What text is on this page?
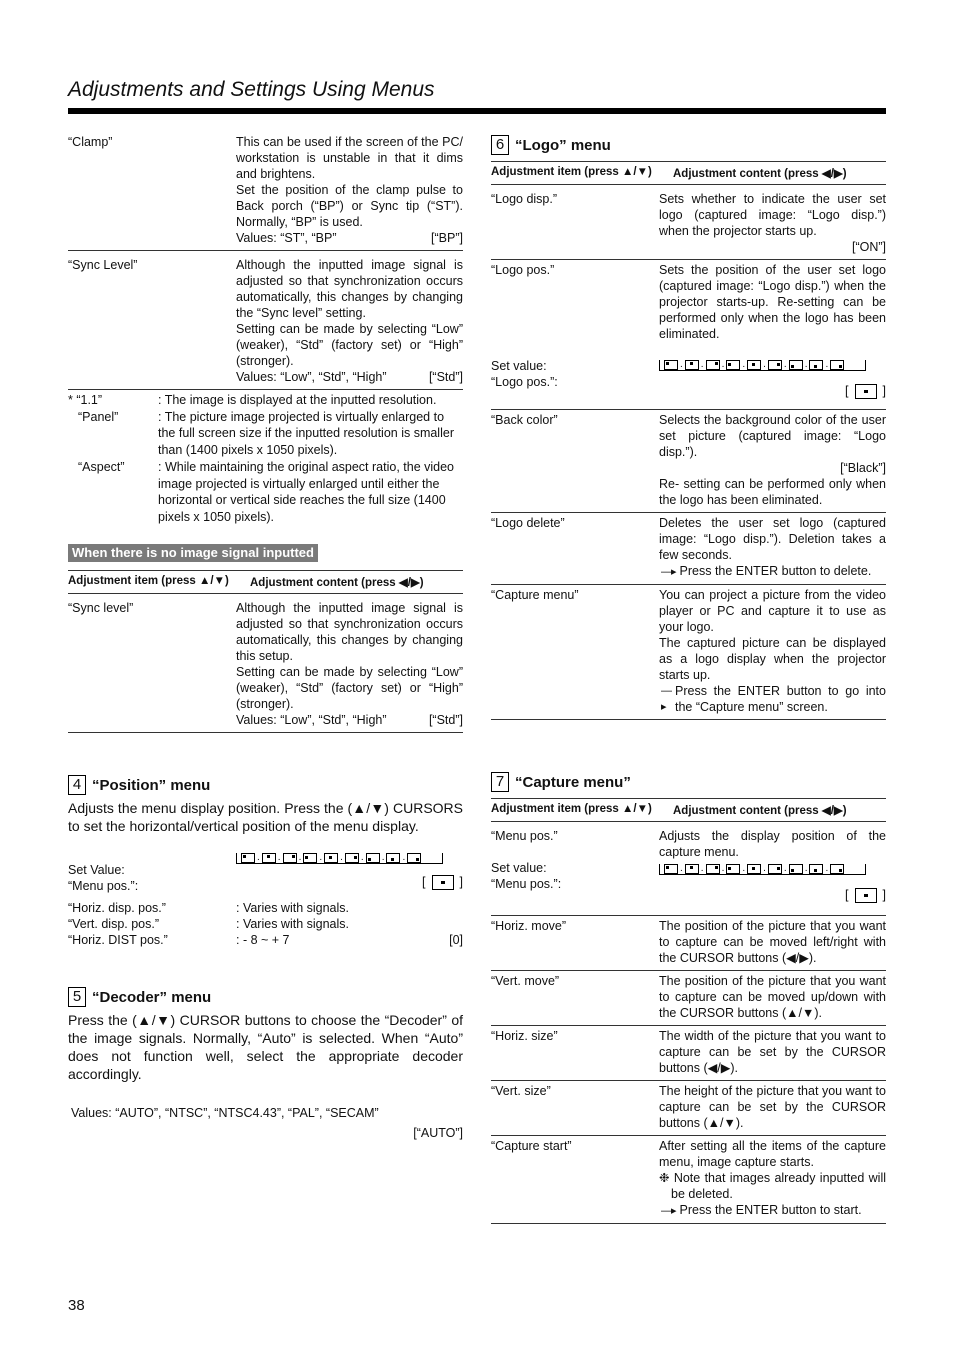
Adjustments and Settings Using Menus
“Clamp”	This can be used if the screen of the PC/ workstation is unstable in that it dims and brightens.

Set the position of the clamp pulse to Back porch (“BP”) or Sync tip (“ST”). Normally, “BP” is used.

Values: “ST”, “BP”	[“BP”]
“Sync Level”	Although the inputted image signal is adjusted so that synchronization occurs automatically, this changes by changing the “Sync level” setting.

Setting can be made by selecting “Low” (weaker), “Std” (factory set) or “High” (stronger).

Values: “Low”, “Std”, “High”	[“Std”]
* “1.1”	: The image is displayed at the inputted resolution.
“Panel”	: The picture image projected is virtually enlarged to the full screen size if the inputted resolution is smaller than (1400 pixels x 1050 pixels).
“Aspect”	: While maintaining the original aspect ratio, the video image projected is virtually enlarged until either the horizontal or vertical side reaches the full size (1400 pixels x 1050 pixels).
When there is no image signal inputted
Adjustment item (press ▲/▼)	Adjustment content (press ◀/▶)
“Sync level”	Although the inputted image signal is adjusted so that synchronization occurs automatically, this changes by changing this setup.

Setting can be made by selecting “Low” (weaker), “Std” (factory set) or “High” (stronger).

Values: “Low”, “Std”, “High”	[“Std”]
4 “Position” menu
Adjusts the menu display position. Press the (▲/▼) CURSORS to set the horizontal/vertical position of the menu display.
Set Value:
“Menu pos.”:
. . . . . . . .
[	]
“Horiz. disp. pos.”	: Varies with signals.
“Vert. disp. pos.”	: Varies with signals.
“Horiz. DIST pos.”	: - 8 ~ + 7	[0]
5 “Decoder” menu
Press the (▲/▼) CURSOR buttons to choose the “Decoder” of the image signals. Normally, “Auto” is selected. When “Auto” does not function well, select the appropriate decoder accordingly.
Values: “AUTO”, “NTSC”, “NTSC4.43”, “PAL”, “SECAM”
[“AUTO”]
6 “Logo” menu
Adjustment item (press ▲/▼)	Adjustment content (press ◀/▶)
“Logo disp.”	Sets whether to indicate the user set logo (captured image: “Logo disp.”) when the projector starts up.

[“ON”]

“Logo pos.”	Sets the position of the user set logo (captured image: “Logo disp.”) when the projector starts-up. Re-setting can be performed only when the logo has been eliminated.
Set value:
“Logo pos.”:
. . . . . . . .
[	]
“Back color”	Selects the background color of the user set picture (captured image: “Logo disp.”).

[“Black”]

Re- setting can be performed only when the logo has been eliminated.

“Logo delete”	Deletes the user set logo (captured image: “Logo disp.”). Deletion takes a few seconds.

—▸ Press the ENTER button to delete.

“Capture menu”	You can project a picture from the video player or PC and capture it to use as your logo.

The captured picture can be displayed as a logo display when the projector starts up.

—▸
Press the ENTER button to go into the “Capture menu” screen.

7 “Capture menu”
Adjustment item (press ▲/▼)	Adjustment content (press ◀/▶)
“Menu pos.”	Adjusts the display position of the capture menu.
Set value:
“Menu pos.”:
. . . . . . . .
[	]
“Horiz. move”	The position of the picture that you want to capture can be moved left/right with the CURSOR buttons (◀/▶).
“Vert. move”	The position of the picture that you want to capture can be moved up/down with the CURSOR buttons (▲/▼).
“Horiz. size”	The width of the picture that you want to capture can be set by the CURSOR buttons (◀/▶).
“Vert. size”	The height of the picture that you want to capture can be set by the CURSOR buttons (▲/▼).
“Capture start”	After setting all the items of the capture menu, image capture starts.

❉ Note that images already inputted will be deleted.

—▸ Press the ENTER button to start.

38
